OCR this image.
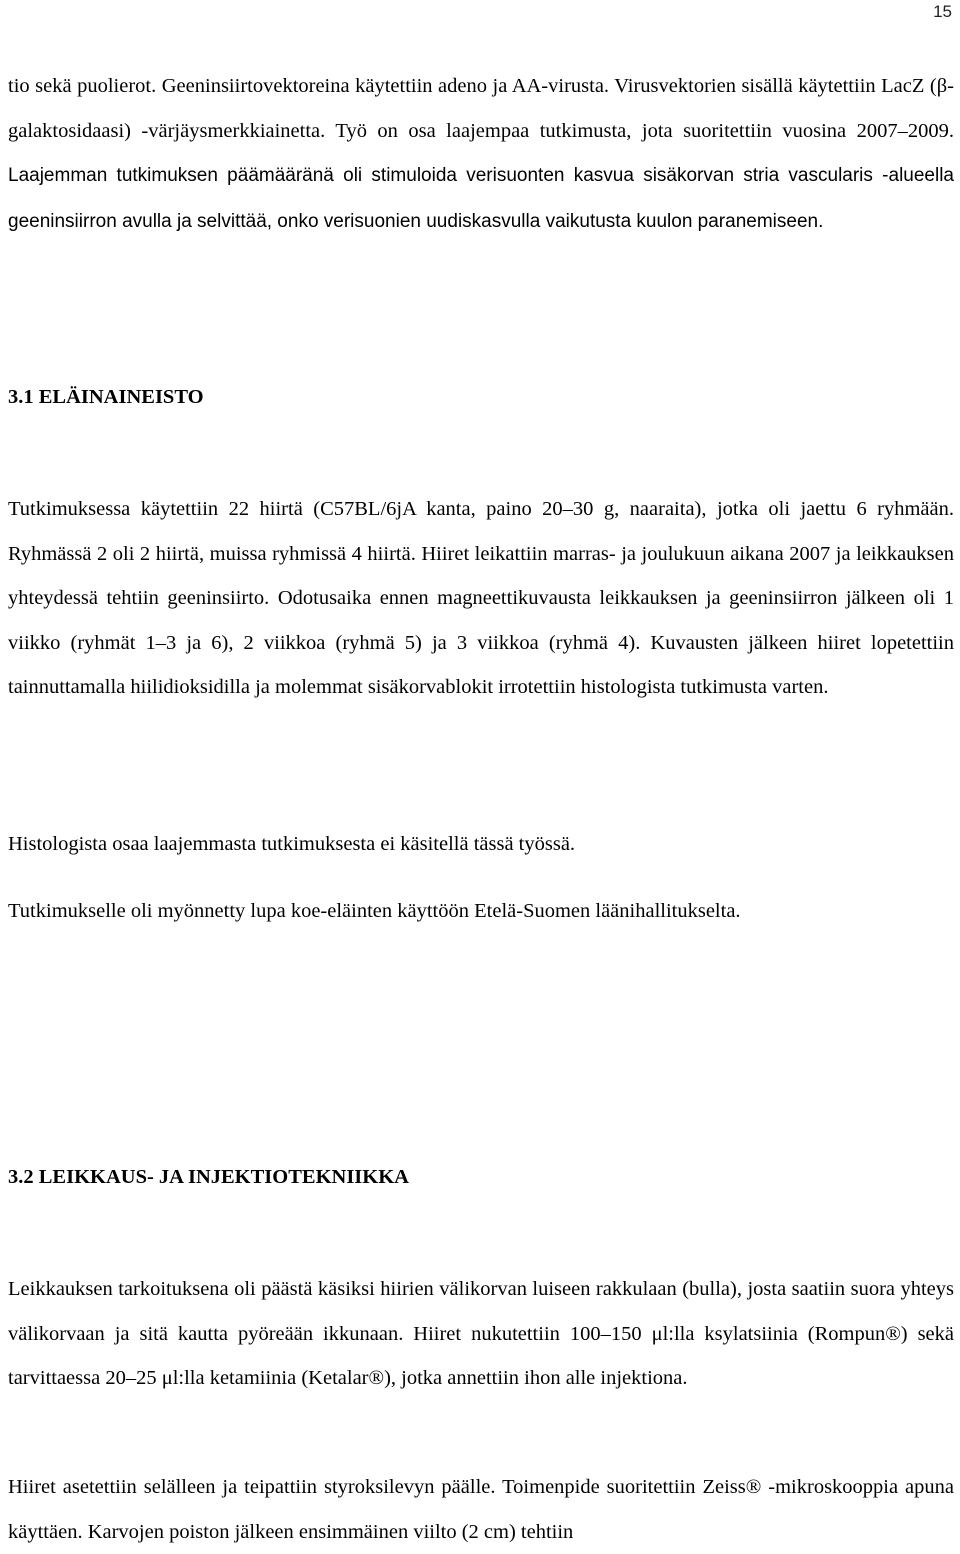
15

tio sekä puolierot. Geeninsiirtovektoreina käytettiin adeno ja AA-virusta. Virusvektorien sisällä käytettiin LacZ (β-galaktosidaasi) -värjäysmerkkiainetta. Työ on osa laajempaa tutkimusta, jota suoritettiin vuosina 2007–2009. Laajemman tutkimuksen päämääränä oli stimuloida verisuonten kasvua sisäkorvan stria vascularis -alueella geeninsiirron avulla ja selvittää, onko verisuonien uudiskasvulla vaikutusta kuulon paranemiseen.

3.1 ELÄINAINEISTO

Tutkimuksessa käytettiin 22 hiirtä (C57BL/6jA kanta, paino 20–30 g, naaraita), jotka oli jaettu 6 ryhmään. Ryhmässä 2 oli 2 hiirtä, muissa ryhmissä 4 hiirtä. Hiiret leikattiin marras- ja joulukuun aikana 2007 ja leikkauksen yhteydessä tehtiin geeninsiirto. Odotusaika ennen magneettikuvausta leikkauksen ja geeninsiirron jälkeen oli 1 viikko (ryhmät 1–3 ja 6), 2 viikkoa (ryhmä 5) ja 3 viikkoa (ryhmä 4). Kuvausten jälkeen hiiret lopetettiin tainnuttamalla hiilidioksidilla ja molemmat sisäkorvablokit irrotettiin histologista tutkimusta varten.

Histologista osaa laajemmasta tutkimuksesta ei käsitellä tässä työssä.

Tutkimukselle oli myönnetty lupa koe-eläinten käyttöön Etelä-Suomen läänihallitukselta.

3.2 LEIKKAUS- JA INJEKTIOTEKNIIKKA

Leikkauksen tarkoituksena oli päästä käsiksi hiirien välikorvan luiseen rakkulaan (bulla), josta saatiin suora yhteys välikorvaan ja sitä kautta pyöreään ikkunaan. Hiiret nukutettiin 100–150 μl:lla ksylatsiinia (Rompun®) sekä tarvittaessa 20–25 μl:lla ketamiinia (Ketalar®), jotka annettiin ihon alle injektiona.

Hiiret asetettiin selälleen ja teipattiin styroksilevyn päälle. Toimenpide suoritettiin Zeiss® -mikroskooppia apuna käyttäen. Karvojen poiston jälkeen ensimmäinen viilto (2 cm) tehtiin
